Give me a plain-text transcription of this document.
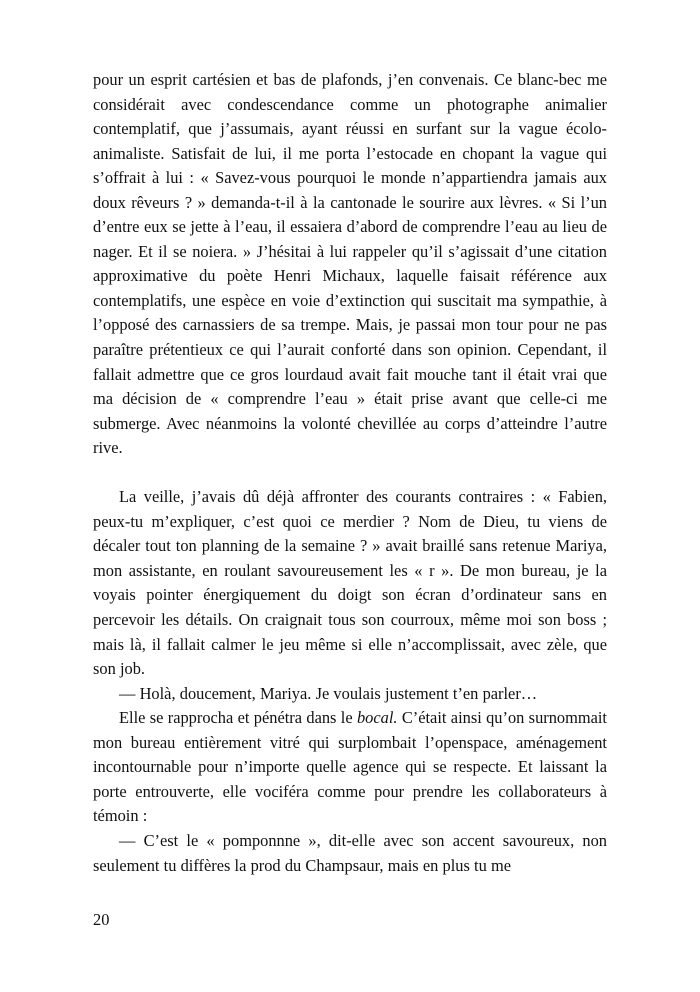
pour un esprit cartésien et bas de plafonds, j’en convenais. Ce blanc-bec me considérait avec condescendance comme un photographe animalier contemplatif, que j’assumais, ayant réussi en surfant sur la vague écolo-animaliste. Satisfait de lui, il me porta l’estocade en chopant la vague qui s’offrait à lui : « Savez-vous pourquoi le monde n’appartiendra jamais aux doux rêveurs ? » demanda-t-il à la cantonade le sourire aux lèvres. « Si l’un d’entre eux se jette à l’eau, il essaiera d’abord de comprendre l’eau au lieu de nager. Et il se noiera. » J’hésitai à lui rappeler qu’il s’agissait d’une citation approximative du poète Henri Michaux, laquelle faisait référence aux contemplatifs, une espèce en voie d’extinction qui suscitait ma sympathie, à l’opposé des carnassiers de sa trempe. Mais, je passai mon tour pour ne pas paraître prétentieux ce qui l’aurait conforté dans son opinion. Cependant, il fallait admettre que ce gros lourdaud avait fait mouche tant il était vrai que ma décision de « comprendre l’eau » était prise avant que celle-ci me submerge. Avec néanmoins la volonté chevillée au corps d’atteindre l’autre rive.

La veille, j’avais dû déjà affronter des courants contraires : « Fabien, peux-tu m’expliquer, c’est quoi ce merdier ? Nom de Dieu, tu viens de décaler tout ton planning de la semaine ? » avait braillé sans retenue Mariya, mon assistante, en roulant savoureusement les « r ». De mon bureau, je la voyais pointer énergiquement du doigt son écran d’ordinateur sans en percevoir les détails. On craignait tous son courroux, même moi son boss ; mais là, il fallait calmer le jeu même si elle n’accomplissait, avec zèle, que son job.

— Holà, doucement, Mariya. Je voulais justement t’en parler…

Elle se rapprocha et pénétra dans le bocal. C’était ainsi qu’on surnommait mon bureau entièrement vitré qui surplombait l’openspace, aménagement incontournable pour n’importe quelle agence qui se respecte. Et laissant la porte entrouverte, elle vociféra comme pour prendre les collaborateurs à témoin :

— C’est le « pomponnne », dit-elle avec son accent savoureux, non seulement tu diffères la prod du Champsaur, mais en plus tu me

20
